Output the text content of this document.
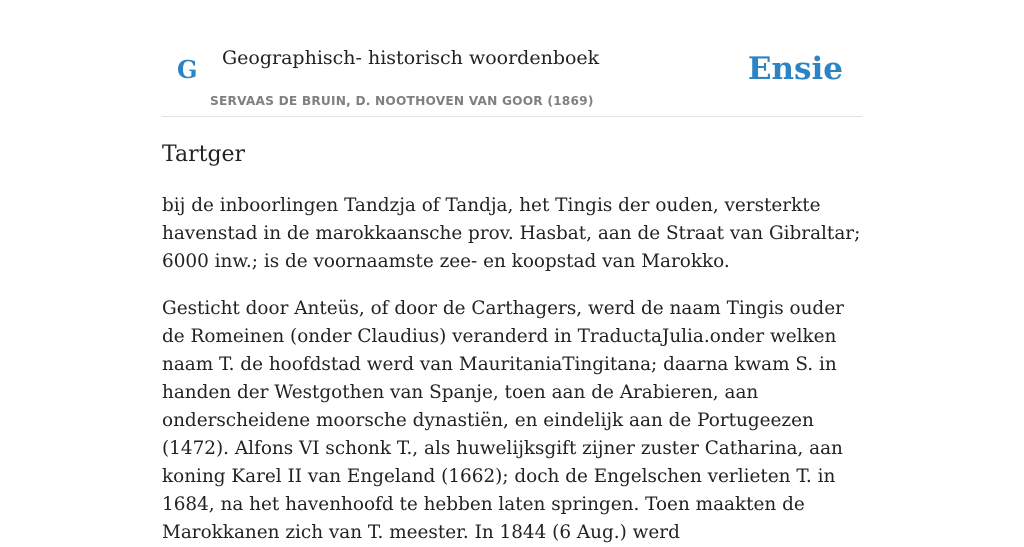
G Geographisch- historisch woordenboek
SERVAAS DE BRUIN, D. NOOTHOVEN VAN GOOR (1869)
Ensie
Tartger

bij de inboorlingen Tandzja of Tandja, het Tingis der ouden, versterkte havenstad in de marokkaansche prov. Hasbat, aan de Straat van Gibraltar; 6000 inw.; is de voornaamste zee- en koopstad van Marokko.

Gesticht door Anteüs, of door de Carthagers, werd de naam Tingis ouder de Romeinen (onder Claudius) veranderd in TraductaJulia.onder welken naam T. de hoofdstad werd van MauritaniaTingitana; daarna kwam S. in handen der Westgothen van Spanje, toen aan de Arabieren, aan onderscheidene moorsche dynastiën, en eindelijk aan de Portugeezen (1472). Alfons VI schonk T., als huwelijksgift zijner zuster Catharina, aan koning Karel II van Engeland (1662); doch de Engelschen verlieten T. in 1684, na het havenhoofd te hebben laten springen. Toen maakten de Marokkanen zich van T. meester. In 1844 (6 Aug.) werd
